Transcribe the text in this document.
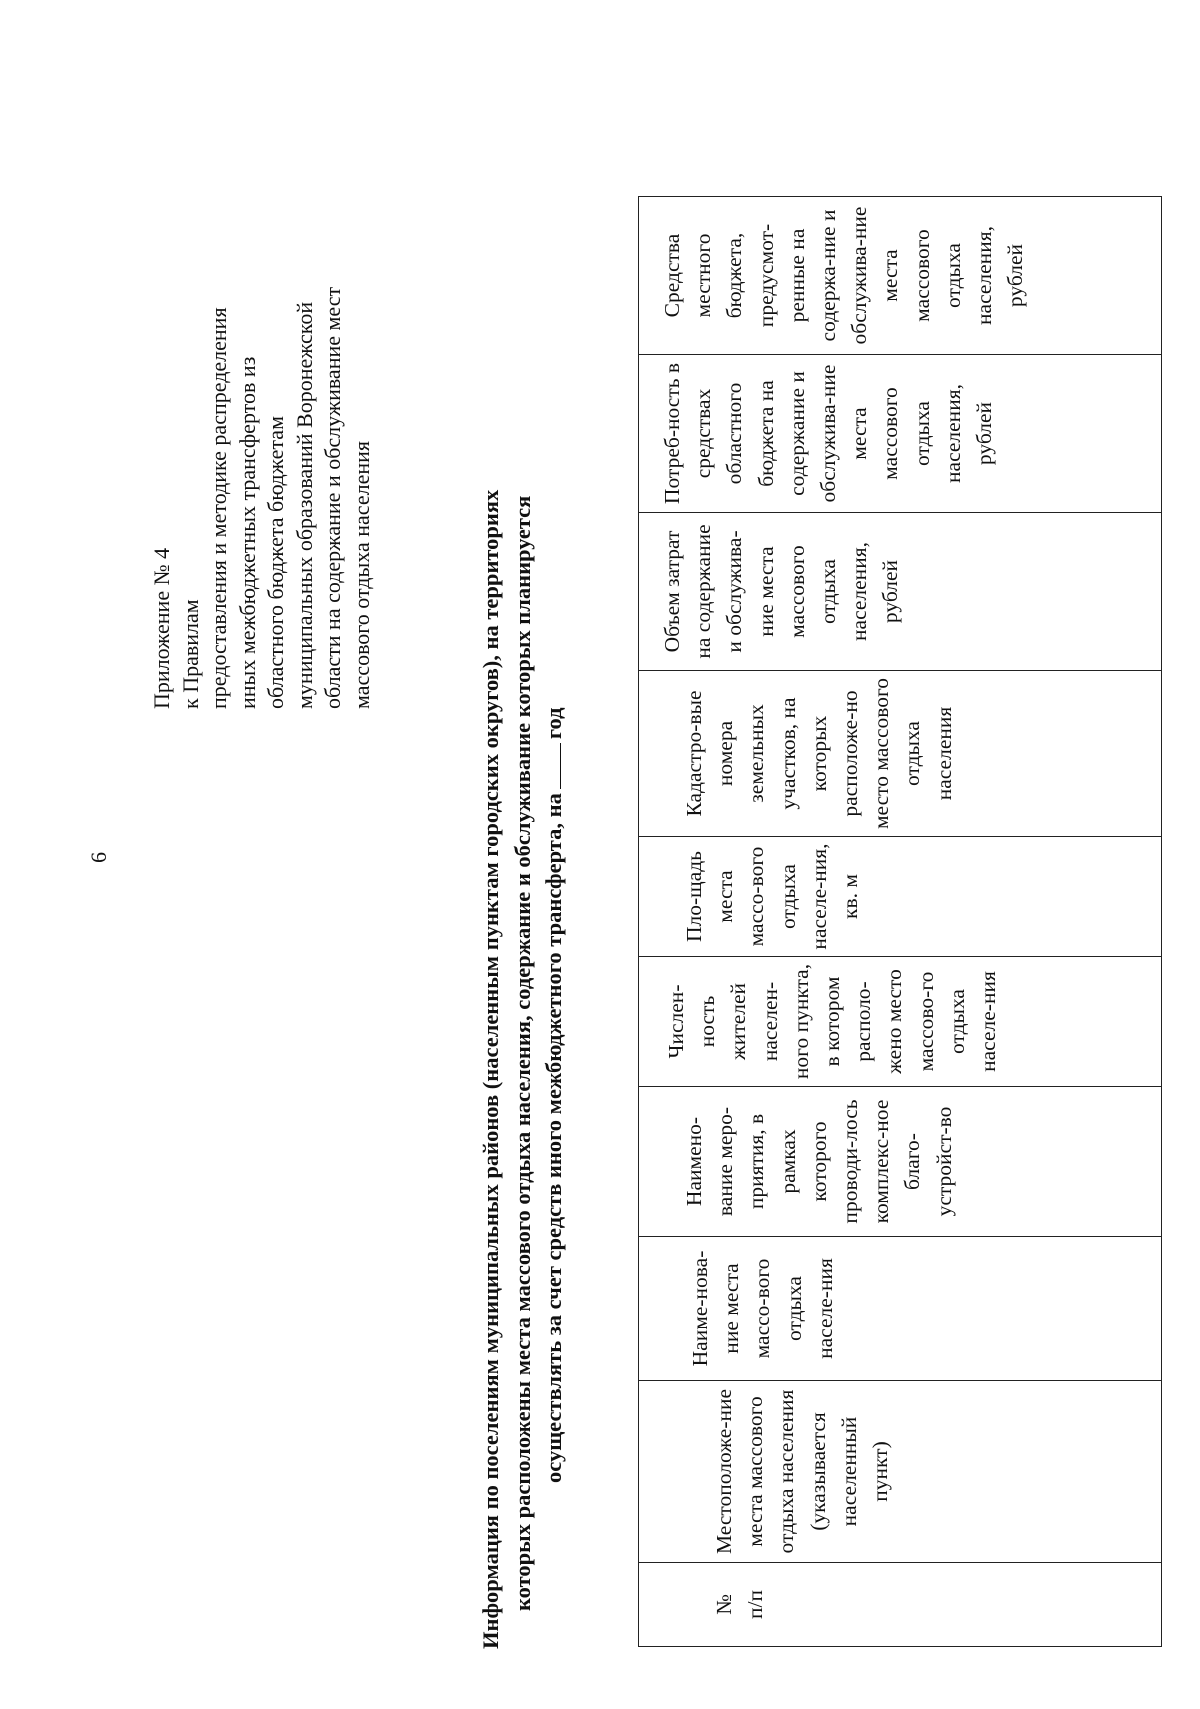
6
Приложение № 4 к Правилам предоставления и методике распределения иных межбюджетных трансфертов из областного бюджета бюджетам муниципальных образований Воронежской области на содержание и обслуживание мест массового отдыха населения	Информация по поселениям муниципальных районов (населенным пунктам городских округов), на территориях которых расположены места массового отдыха населения, содержание и обслуживание которых планируется осуществлять за счет средств иного межбюджетного трансферта, нагод
№ п/п	Местоположе-ние места массового отдыха населения (указывается населенный пункт)	Наиме-нова-ние места массо-вого отдыха населе-ния	Наимено-вание меро-приятия, в рамках которого проводи-лось комплекс-ное благо-устройст-во	Числен-ность жителей населен-ного пункта, в котором располо-жено место массово-го отдыха населе-ния	Пло-щадь места массо-вого отдыха населе-ния, кв. м	Кадастро-вые номера земельных участков, на которых расположе-но место массового отдыха населения	Объем затрат на содержание и обслужива-ние места массового отдыха населения, рублей	Потреб-ность в средствах областного бюджета на содержание и обслужива-ние места массового отдыха населения, рублей	Средства местного бюджета, предусмот-ренные на содержа-ние и обслужива-ние места массового отдыха населения, рублей
